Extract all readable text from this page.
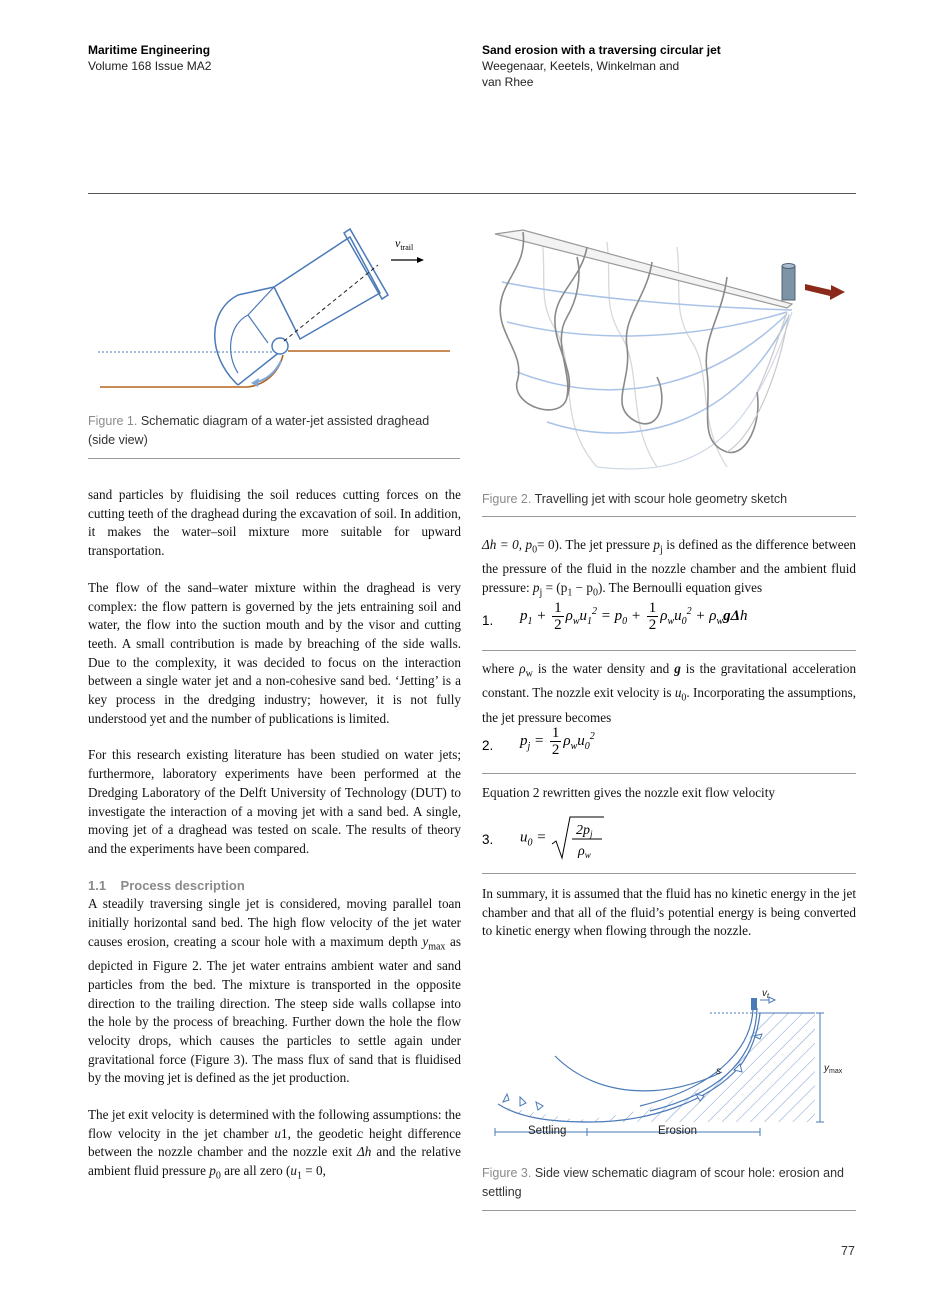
Maritime Engineering
Volume 168 Issue MA2
Sand erosion with a traversing circular jet
Weegenaar, Keetels, Winkelman and
van Rhee
$v_{trail}$
Figure 1. Schematic diagram of a water-jet assisted draghead
(side view)
Figure 2. Travelling jet with scour hole geometry sketch

sand particles by fluidising the soil reduces cutting forces on the cutting teeth of the draghead during the excavation of soil. In addition, it makes the water–soil mixture more suitable for upward transportation.

The flow of the sand–water mixture within the draghead is very complex: the flow pattern is governed by the jets entraining soil and water, the flow into the suction mouth and by the visor and cutting teeth. A small contribution is made by breaching of the side walls. Due to the complexity, it was decided to focus on the interaction between a single water jet and a non-cohesive sand bed. ‘Jetting’ is a key process in the dredging industry; however, it is not fully understood yet and the number of publications is limited.

For this research existing literature has been studied on water jets; furthermore, laboratory experiments have been performed at the Dredging Laboratory of the Delft University of Technology (DUT) to investigate the interaction of a moving jet with a sand bed. A single, moving jet of a draghead was tested on scale. The results of theory and the experiments have been compared.

1.1 Process description

A steadily traversing single jet is considered, moving parallel toan initially horizontal sand bed. The high flow velocity of the jet water causes erosion, creating a scour hole with a maximum depth $y_{max}$ as depicted in Figure 2. The jet water entrains ambient water and sand particles from the bed. The mixture is transported in the opposite direction to the trailing direction. The steep side walls collapse into the hole by the process of breaching. Further down the hole the flow velocity drops, which causes the particles to settle again under gravitational force (Figure 3). The mass flux of sand that is fluidised by the moving jet is defined as the jet production.

The jet exit velocity is determined with the following assumptions: the flow velocity in the jet chamber u1, the geodetic height difference between the nozzle chamber and the nozzle exit Δh and the relative ambient fluid pressure $p_0$ are all zero ($u_1 = 0$,

Δh = 0, $p_0= 0$). The jet pressure $p_j$ is defined as the difference between the pressure of the fluid in the nozzle chamber and the ambient fluid pressure: $p_j = (p_1 - p_0)$. The Bernoulli equation gives
1. $p_1 + \frac{1}{2} \rho_wu_1^2 = p_0 + \frac{1}{2} \rho_wu_0^2 + \rho_wg\Delta h$
where $\rho_w$ is the water density and g is the gravitational acceleration constant. The nozzle exit velocity is $u_0$. Incorporating the assumptions, the jet pressure becomes
2. $p_j = \frac{1}{2} \rho_wu_0^2$
Equation 2 rewritten gives the nozzle exit flow velocity
3. $u_0 = 2p_j$
$\rho_w$
In summary, it is assumed that the fluid has no kinetic energy in the jet chamber and that all of the fluid’s potential energy is being converted to kinetic energy when flowing through the nozzle.
$v_t$
$y_{max}$
s
Settling	Erosion
Figure 3. Side view schematic diagram of scour hole: erosion and
settling
77
